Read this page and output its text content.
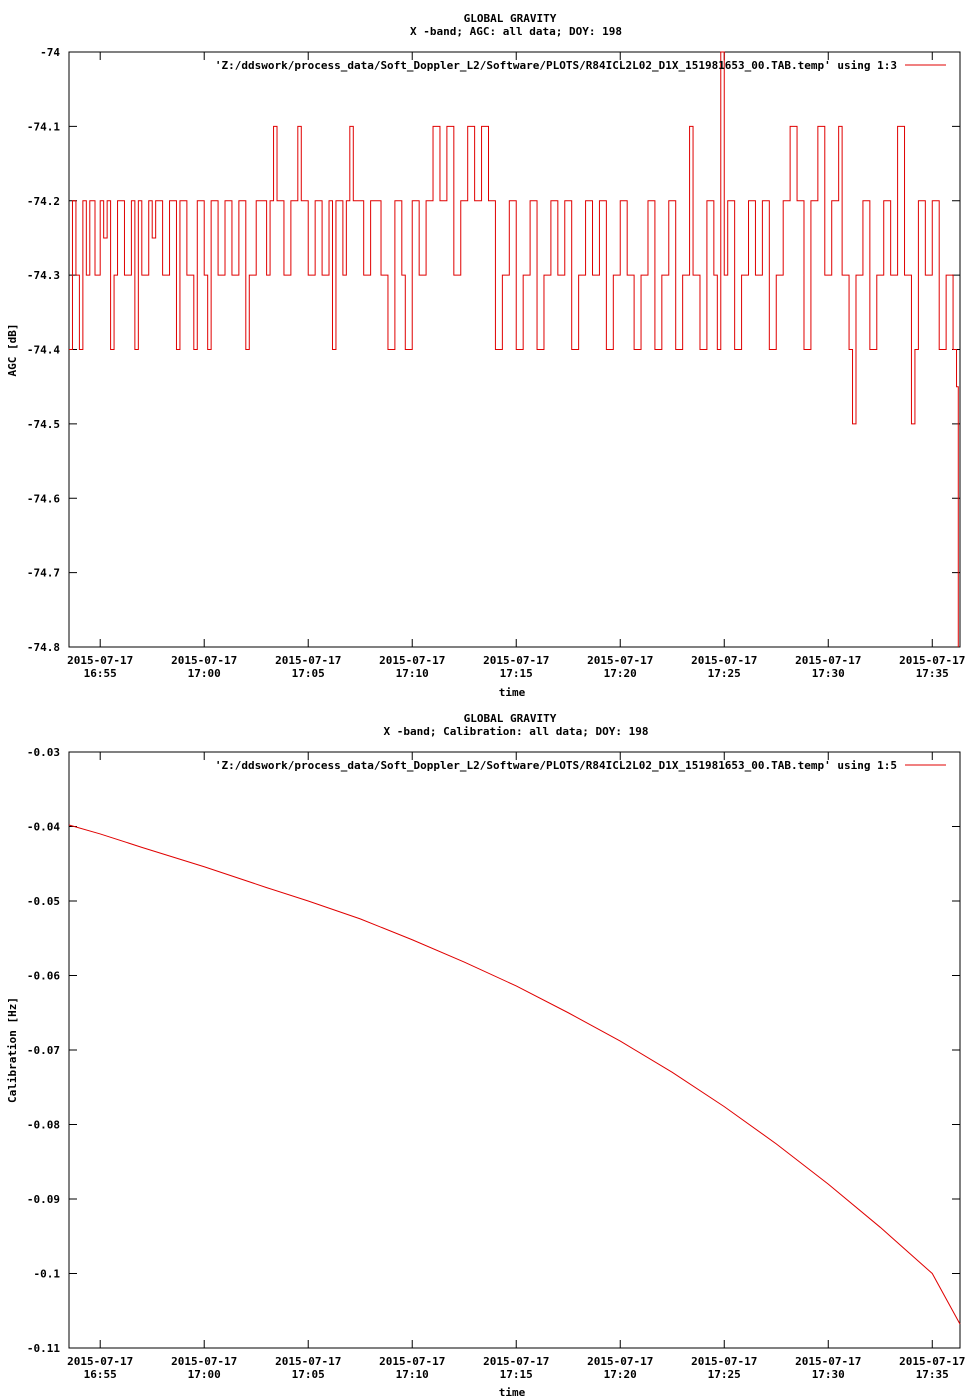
GLOBAL GRAVITY
X -band; AGC: all data; DOY: 198
-74
-74.1
-74.2
-74.3
-74.4
-74.5
-74.6
-74.7
-74.8
2015-07-17
16:55
2015-07-17
17:00
2015-07-17
17:05
2015-07-17
17:10
2015-07-17
17:15
2015-07-17
17:20
2015-07-17
17:25
2015-07-17
17:30
2015-07-17
17:35
'Z:/ddswork/process_data/Soft_Doppler_L2/Software/PLOTS/R84ICL2L02_D1X_151981653_00.TAB.temp' using 1:3
AGC [dB]
time
GLOBAL GRAVITY
X -band; Calibration: all data; DOY: 198
-0.03
-0.04
-0.05
-0.06
-0.07
-0.08
-0.09
-0.1
-0.11
2015-07-17
16:55
2015-07-17
17:00
2015-07-17
17:05
2015-07-17
17:10
2015-07-17
17:15
2015-07-17
17:20
2015-07-17
17:25
2015-07-17
17:30
2015-07-17
17:35
'Z:/ddswork/process_data/Soft_Doppler_L2/Software/PLOTS/R84ICL2L02_D1X_151981653_00.TAB.temp' using 1:5
Calibration [Hz]
time
